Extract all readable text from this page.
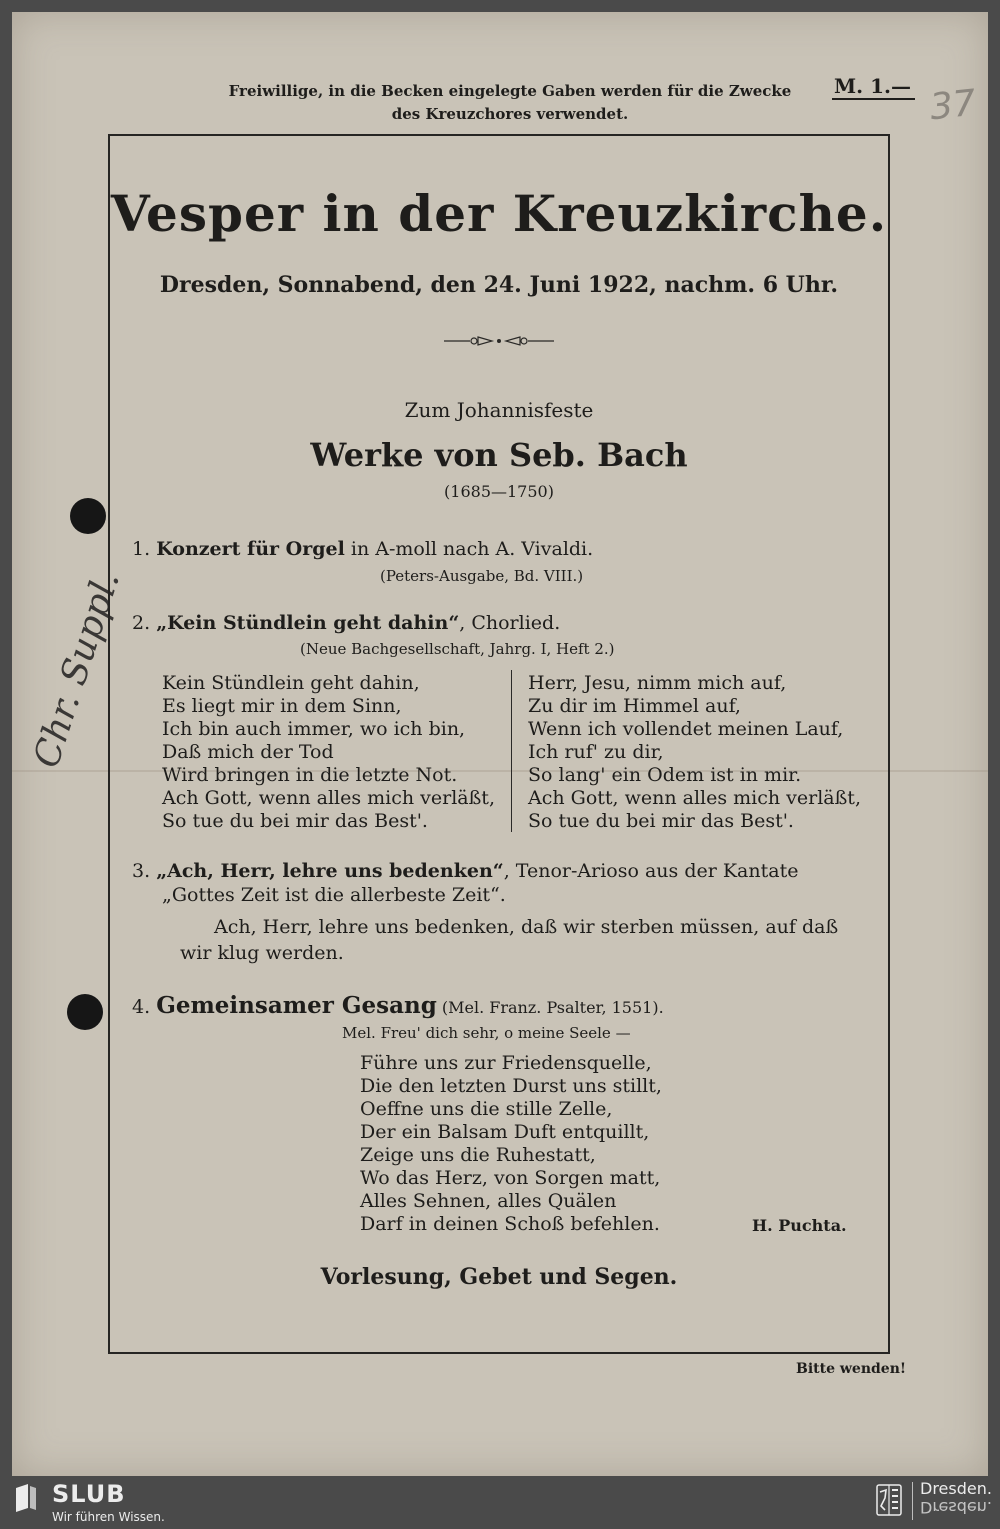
Freiwillige, in die Becken eingelegte Gaben werden für die Zwecke
des Kreuzchores verwendet.
M. 1.— 37
Chr. Suppl.
Vesper in der Kreuzkirche.
Dresden, Sonnabend, den 24. Juni 1922, nachm. 6 Uhr.
Zum Johannisfeste
Werke von Seb. Bach
(1685—1750)
1. Konzert für Orgel in A-moll nach A. Vivaldi.
(Peters-Ausgabe, Bd. VIII.)
2. „Kein Stündlein geht dahin“, Chorlied.
(Neue Bachgesellschaft, Jahrg. I, Heft 2.)
Kein Stündlein geht dahin,
Es liegt mir in dem Sinn,
Ich bin auch immer, wo ich bin,
Daß mich der Tod
Wird bringen in die letzte Not.
Ach Gott, wenn alles mich verläßt,
So tue du bei mir das Best'.
Herr, Jesu, nimm mich auf,
Zu dir im Himmel auf,
Wenn ich vollendet meinen Lauf,
Ich ruf' zu dir,
So lang' ein Odem ist in mir.
Ach Gott, wenn alles mich verläßt,
So tue du bei mir das Best'.
3. „Ach, Herr, lehre uns bedenken“, Tenor-Arioso aus der Kantate
„Gottes Zeit ist die allerbeste Zeit“.
Ach, Herr, lehre uns bedenken, daß wir sterben müssen, auf daß wir klug werden.
4. Gemeinsamer Gesang (Mel. Franz. Psalter, 1551).
Mel. Freu' dich sehr, o meine Seele —
Führe uns zur Friedensquelle,
Die den letzten Durst uns stillt,
Oeffne uns die stille Zelle,
Der ein Balsam Duft entquillt,
Zeige uns die Ruhestatt,
Wo das Herz, von Sorgen matt,
Alles Sehnen, alles Quälen
Darf in deinen Schoß befehlen.	H. Puchta.
Vorlesung, Gebet und Segen.
Bitte wenden!
SLUB
Wir führen Wissen.
Dresden.
Dresden.
